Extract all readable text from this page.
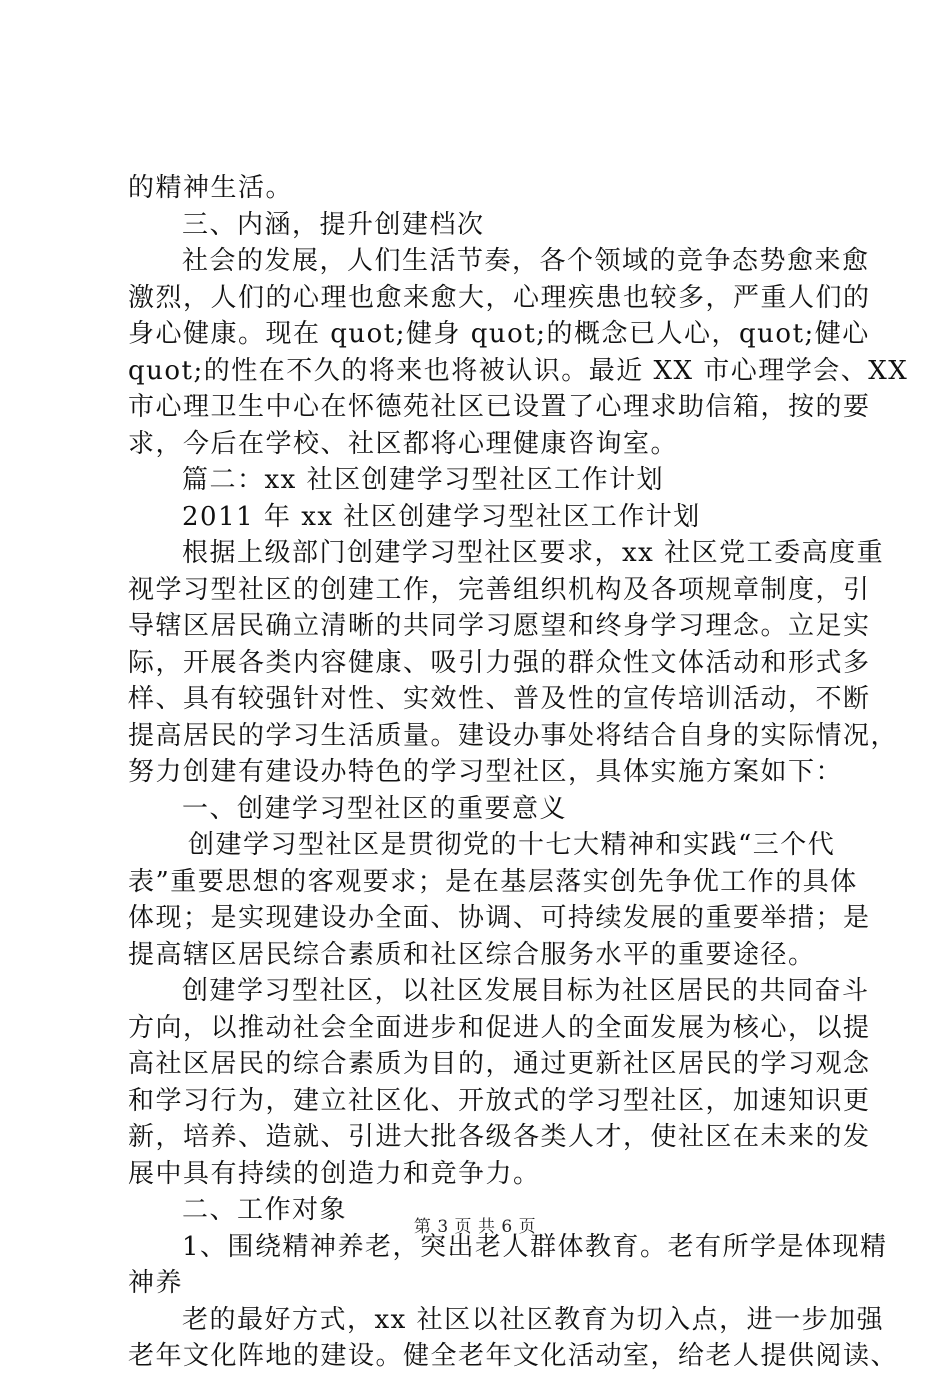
的精神生活。
三、内涵，提升创建档次
社会的发展，人们生活节奏，各个领域的竞争态势愈来愈
激烈，人们的心理也愈来愈大，心理疾患也较多，严重人们的
身心健康。现在 quot;健身 quot;的概念已人心，quot;健心
quot;的性在不久的将来也将被认识。最近 XX 市心理学会、XX
市心理卫生中心在怀德苑社区已设置了心理求助信箱，按的要
求，今后在学校、社区都将心理健康咨询室。
篇二：xx 社区创建学习型社区工作计划
2011 年 xx 社区创建学习型社区工作计划
根据上级部门创建学习型社区要求，xx 社区党工委高度重
视学习型社区的创建工作，完善组织机构及各项规章制度，引
导辖区居民确立清晰的共同学习愿望和终身学习理念。立足实
际，开展各类内容健康、吸引力强的群众性文体活动和形式多
样、具有较强针对性、实效性、普及性的宣传培训活动，不断
提高居民的学习生活质量。建设办事处将结合自身的实际情况，
努力创建有建设办特色的学习型社区，具体实施方案如下：
一、创建学习型社区的重要意义
创建学习型社区是贯彻党的十七大精神和实践“三个代
表”重要思想的客观要求；是在基层落实创先争优工作的具体
体现；是实现建设办全面、协调、可持续发展的重要举措；是
提高辖区居民综合素质和社区综合服务水平的重要途径。
创建学习型社区，以社区发展目标为社区居民的共同奋斗
方向，以推动社会全面进步和促进人的全面发展为核心，以提
高社区居民的综合素质为目的，通过更新社区居民的学习观念
和学习行为，建立社区化、开放式的学习型社区，加速知识更
新，培养、造就、引进大批各级各类人才，使社区在未来的发
展中具有持续的创造力和竞争力。
二、工作对象
1、围绕精神养老，突出老人群体教育。老有所学是体现精
神养
老的最好方式，xx 社区以社区教育为切入点，进一步加强
老年文化阵地的建设。健全老年文化活动室，给老人提供阅读、
第 3 页 共 6 页
